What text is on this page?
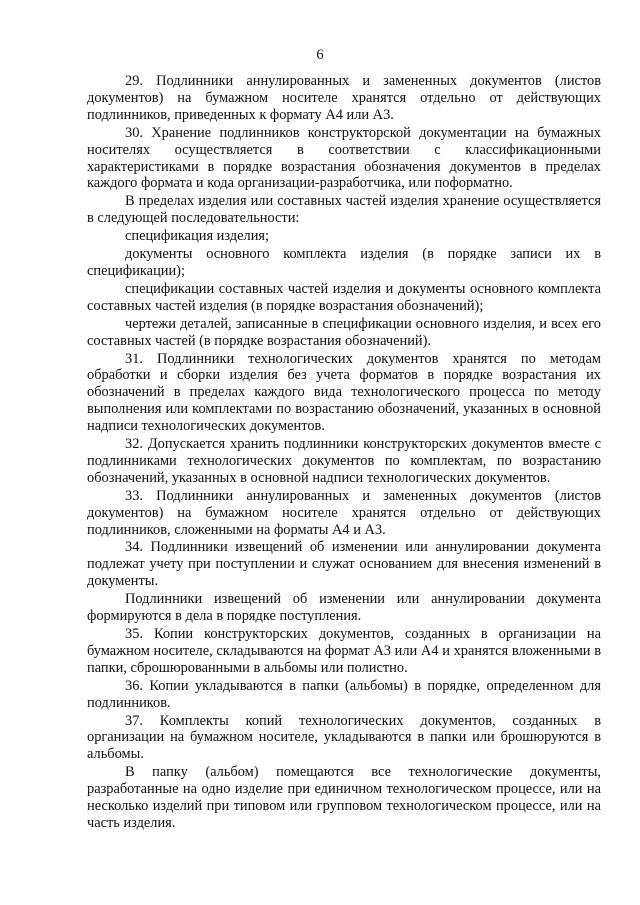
6

29. Подлинники аннулированных и замененных документов (листов документов) на бумажном носителе хранятся отдельно от действующих подлинников, приведенных к формату А4 или А3.

30. Хранение подлинников конструкторской документации на бумажных носителях осуществляется в соответствии с классификационными характеристиками в порядке возрастания обозначения документов в пределах каждого формата и кода организации-разработчика, или поформатно.

В пределах изделия или составных частей изделия хранение осуществляется в следующей последовательности:

спецификация изделия;

документы основного комплекта изделия (в порядке записи их в спецификации);

спецификации составных частей изделия и документы основного комплекта составных частей изделия (в порядке возрастания обозначений);

чертежи деталей, записанные в спецификации основного изделия, и всех его составных частей (в порядке возрастания обозначений).

31. Подлинники технологических документов хранятся по методам обработки и сборки изделия без учета форматов в порядке возрастания их обозначений в пределах каждого вида технологического процесса по методу выполнения или комплектами по возрастанию обозначений, указанных в основной надписи технологических документов.

32. Допускается хранить подлинники конструкторских документов вместе с подлинниками технологических документов по комплектам, по возрастанию обозначений, указанных в основной надписи технологических документов.

33. Подлинники аннулированных и замененных документов (листов документов) на бумажном носителе хранятся отдельно от действующих подлинников, сложенными на форматы А4 и А3.

34. Подлинники извещений об изменении или аннулировании документа подлежат учету при поступлении и служат основанием для внесения изменений в документы.

Подлинники извещений об изменении или аннулировании документа формируются в дела в порядке поступления.

35. Копии конструкторских документов, созданных в организации на бумажном носителе, складываются на формат А3 или А4 и хранятся вложенными в папки, сброшюрованными в альбомы или полистно.

36. Копии укладываются в папки (альбомы) в порядке, определенном для подлинников.

37. Комплекты копий технологических документов, созданных в организации на бумажном носителе, укладываются в папки или брошюруются в альбомы.

В папку (альбом) помещаются все технологические документы, разработанные на одно изделие при единичном технологическом процессе, или на несколько изделий при типовом или групповом технологическом процессе, или на часть изделия.
